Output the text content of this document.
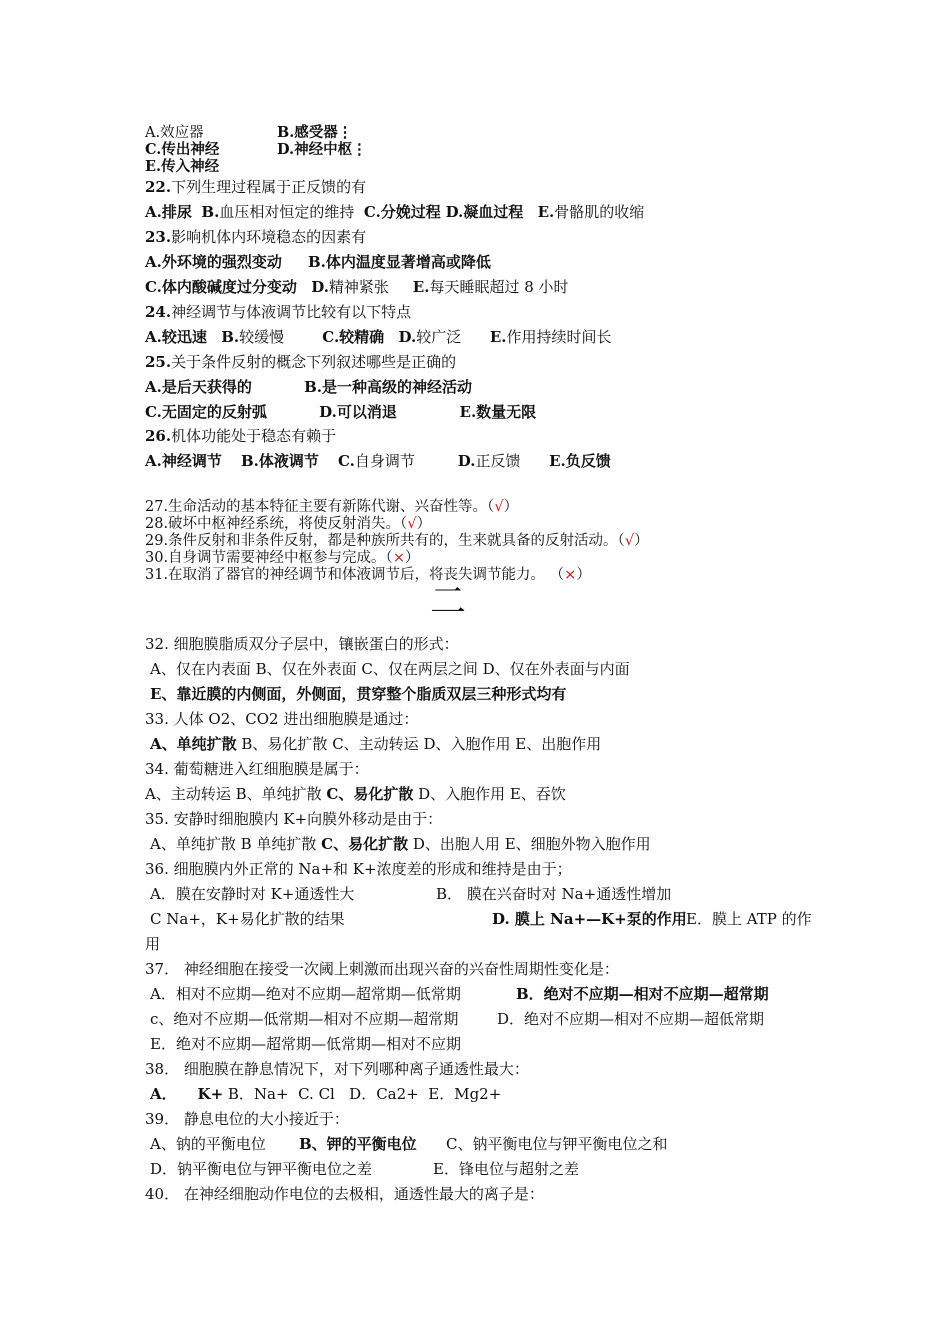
A.效应器	B.感受器⋮
C.传出神经	D.神经中枢⋮
E.传入神经
22.下列生理过程属于正反馈的有
A.排尿 B.血压相对恒定的维持 C.分娩过程 D.凝血过程 E.骨骼肌的收缩
23.影响机体内环境稳态的因素有
A.外环境的强烈变动 B.体内温度显著增高或降低
C.体内酸碱度过分变动 D.精神紧张 E.每天睡眠超过 8 小时
24.神经调节与体液调节比较有以下特点
A.较迅速 B.较缓慢	C.较精确 D.较广泛 E.作用持续时间长
25.关于条件反射的概念下列叙述哪些是正确的
A.是后天获得的	B.是一种高级的神经活动
C.无固定的反射弧	D.可以消退	E.数量无限
26.机体功能处于稳态有赖于
A.神经调节 B.体液调节 C.自身调节	D.正反馈 E.负反馈
27.生命活动的基本特征主要有新陈代谢、兴奋性等。（√）
28.破坏中枢神经系统，将使反射消失。（√）
29.条件反射和非条件反射，都是种族所共有的，生来就具备的反射活动。（√）
30.自身调节需要神经中枢参与完成。（×）
31.在取消了器官的神经调节和体液调节后，将丧失调节能力。 （×）
二
32. 细胞膜脂质双分子层中，镶嵌蛋白的形式：
A、仅在内表面 B、仅在外表面 C、仅在两层之间 D、仅在外表面与内面
E、靠近膜的内侧面，外侧面，贯穿整个脂质双层三种形式均有
33. 人体 O2、CO2 进出细胞膜是通过：
A、单纯扩散 B、易化扩散 C、主动转运 D、入胞作用 E、出胞作用
34. 葡萄糖进入红细胞膜是属于：
A、主动转运 B、单纯扩散 C、易化扩散 D、入胞作用 E、吞饮
35. 安静时细胞膜内 K+向膜外移动是由于：
A、单纯扩散 B 单纯扩散 C、易化扩散 D、出胞人用 E、细胞外物入胞作用
36. 细胞膜内外正常的 Na+和 K+浓度差的形成和维持是由于；
A．膜在安静时对 K+通透性大	B． 膜在兴奋时对 Na+通透性增加
C Na+，K+易化扩散的结果	D. 膜上 Na+—K+泵的作用 E．膜上 ATP 的作
用
37． 神经细胞在接受一次阈上刺激而出现兴奋的兴奋性周期性变化是：
A．相对不应期—绝对不应期—超常期—低常期	B．绝对不应期—相对不应期—超常期
c、绝对不应期—低常期—相对不应期—超常期	D．绝对不应期—相对不应期—超低常期
E．绝对不应期—超常期—低常期—相对不应期
38． 细胞膜在静息情况下，对下列哪种离子通透性最大：
A．    K+ B．Na+  C. Cl   D．Ca2+  E．Mg2+
39． 静息电位的大小接近于：
A、钠的平衡电位 B、钾的平衡电位 C、钠平衡电位与钾平衡电位之和
D．钠平衡电位与钾平衡电位之差	E．锋电位与超射之差
40． 在神经细胞动作电位的去极相，通透性最大的离子是：
